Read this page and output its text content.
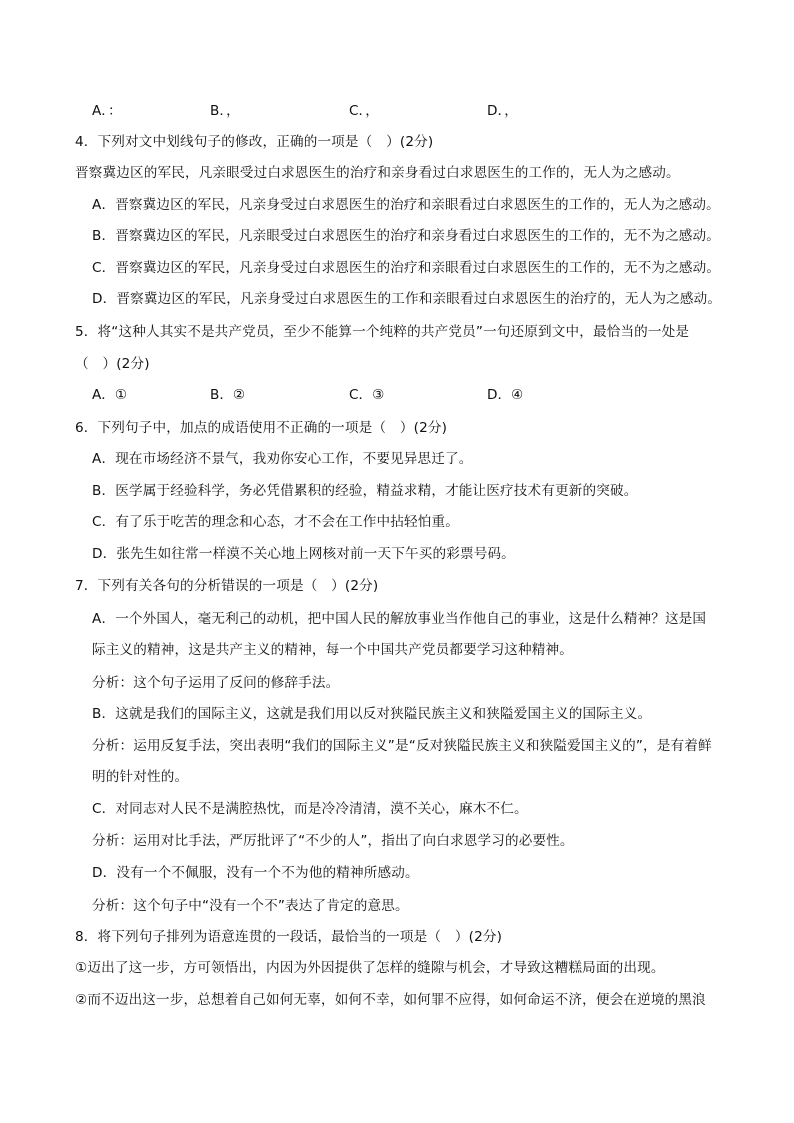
A．：	B．，	C．，	D．，
4．下列对文中划线句子的修改，正确的一项是（　）(2分)
晋察冀边区的军民，凡亲眼受过白求恩医生的治疗和亲身看过白求恩医生的工作的，无人为之感动。
A．晋察冀边区的军民，凡亲身受过白求恩医生的治疗和亲眼看过白求恩医生的工作的，无人为之感动。
B．晋察冀边区的军民，凡亲眼受过白求恩医生的治疗和亲身看过白求恩医生的工作的，无不为之感动。
C．晋察冀边区的军民，凡亲身受过白求恩医生的治疗和亲眼看过白求恩医生的工作的，无不为之感动。
D．晋察冀边区的军民，凡亲身受过白求恩医生的工作和亲眼看过白求恩医生的治疗的，无人为之感动。
5．将“这种人其实不是共产党员，至少不能算一个纯粹的共产党员”一句还原到文中，最恰当的一处是
（　）(2分)
A．①	B．②	C．③	D．④
6．下列句子中，加点的成语使用不正确的一项是（　）(2分)
A．现在市场经济不景气，我劝你安心工作，不要见异思迁了。
B．医学属于经验科学，务必凭借累积的经验，精益求精，才能让医疗技术有更新的突破。
C．有了乐于吃苦的理念和心态，才不会在工作中拈轻怕重。
D．张先生如往常一样漠不关心地上网核对前一天下午买的彩票号码。
7．下列有关各句的分析错误的一项是（　）(2分)
A．一个外国人，毫无利己的动机，把中国人民的解放事业当作他自己的事业，这是什么精神？这是国
际主义的精神，这是共产主义的精神，每一个中国共产党员都要学习这种精神。
分析：这个句子运用了反问的修辞手法。
B．这就是我们的国际主义，这就是我们用以反对狭隘民族主义和狭隘爱国主义的国际主义。
分析：运用反复手法，突出表明“我们的国际主义”是“反对狭隘民族主义和狭隘爱国主义的”，是有着鲜
明的针对性的。
C．对同志对人民不是满腔热忱，而是冷冷清清，漠不关心，麻木不仁。
分析：运用对比手法，严厉批评了“不少的人”，指出了向白求恩学习的必要性。
D．没有一个不佩服，没有一个不为他的精神所感动。
分析：这个句子中“没有一个不”表达了肯定的意思。
8．将下列句子排列为语意连贯的一段话，最恰当的一项是（　）(2分)
①迈出了这一步，方可领悟出，内因为外因提供了怎样的缝隙与机会，才导致这糟糕局面的出现。
②而不迈出这一步，总想着自己如何无辜，如何不幸，如何罪不应得，如何命运不济，便会在逆境的黑浪
